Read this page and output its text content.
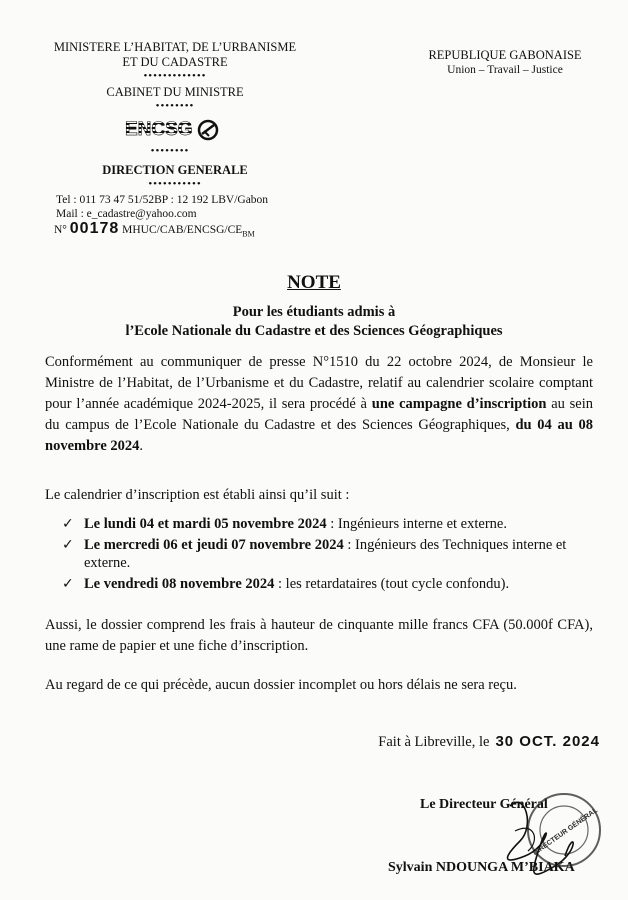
MINISTERE L’HABITAT, DE L’URBANISME
ET DU CADASTRE
•••••••••••••
CABINET DU MINISTRE
••••••••
ENCSG
••••••••
DIRECTION GENERALE
•••••••••••
Tel : 011 73 47 51/52BP : 12 192 LBV/Gabon
Mail : e_cadastre@yahoo.com
N° 00178 MHUC/$CAB/ENCSG/CE_{BM}$
REPUBLIQUE GABONAISE
Union – Travail – Justice
NOTE
Pour les étudiants admis à
l’Ecole Nationale du Cadastre et des Sciences Géographiques
Conformément au communiquer de presse N°1510 du 22 octobre 2024, de Monsieur le Ministre de l’Habitat, de l’Urbanisme et du Cadastre, relatif au calendrier scolaire comptant pour l’année académique 2024-2025, il sera procédé à une campagne d’inscription au sein du campus de l’Ecole Nationale du Cadastre et des Sciences Géographiques, du 04 au 08 novembre 2024.
Le calendrier d’inscription est établi ainsi qu’il suit :
✓ Le lundi 04 et mardi 05 novembre 2024 : Ingénieurs interne et externe.
✓ Le mercredi 06 et jeudi 07 novembre 2024 : Ingénieurs des Techniques interne et externe.
✓ Le vendredi 08 novembre 2024 : les retardataires (tout cycle confondu).
Aussi, le dossier comprend les frais à hauteur de cinquante mille francs CFA (50.000f CFA), une rame de papier et une fiche d’inscription.
Au regard de ce qui précède, aucun dossier incomplet ou hors délais ne sera reçu.
Fait à Libreville, le 30 OCT. 2024
Le Directeur Général
Sylvain NDOUNGA M’BIAKA
DIRECTEUR GÉNÉRAL
